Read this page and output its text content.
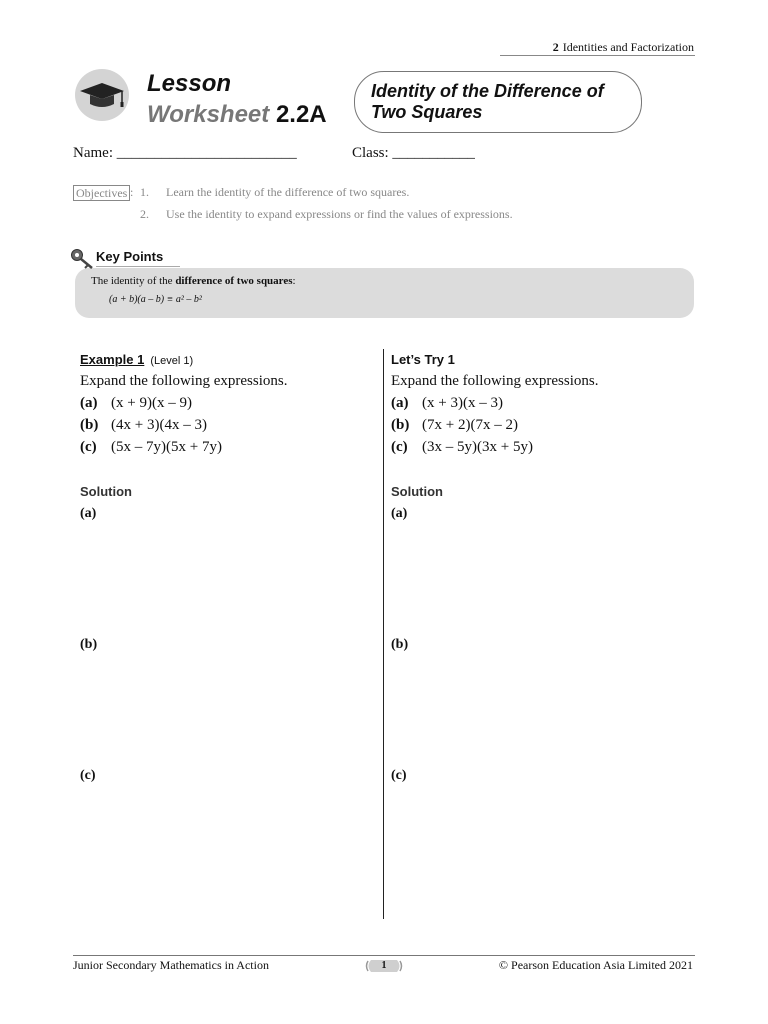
2 Identities and Factorization
Lesson
Worksheet 2.2A
Identity of the Difference of
Two Squares
Name: ________________________	Class: ___________
Objectives : 1. Learn the identity of the difference of two squares.
2. Use the identity to expand expressions or find the values of expressions.
Key Points
The identity of the difference of two squares:
(a + b)(a – b) ≡ a² – b²
Example 1 (Level 1)
Expand the following expressions.
(a) (x + 9)(x – 9)
(b) (4x + 3)(4x – 3)
(c) (5x – 7y)(5x + 7y)
Solution
(a)
(b)
(c)
Let’s Try 1
Expand the following expressions.
(a) (x + 3)(x – 3)
(b) (7x + 2)(7x – 2)
(c) (3x – 5y)(3x + 5y)
Solution
(a)
(b)
(c)
Junior Secondary Mathematics in Action	1	© Pearson Education Asia Limited 2021
